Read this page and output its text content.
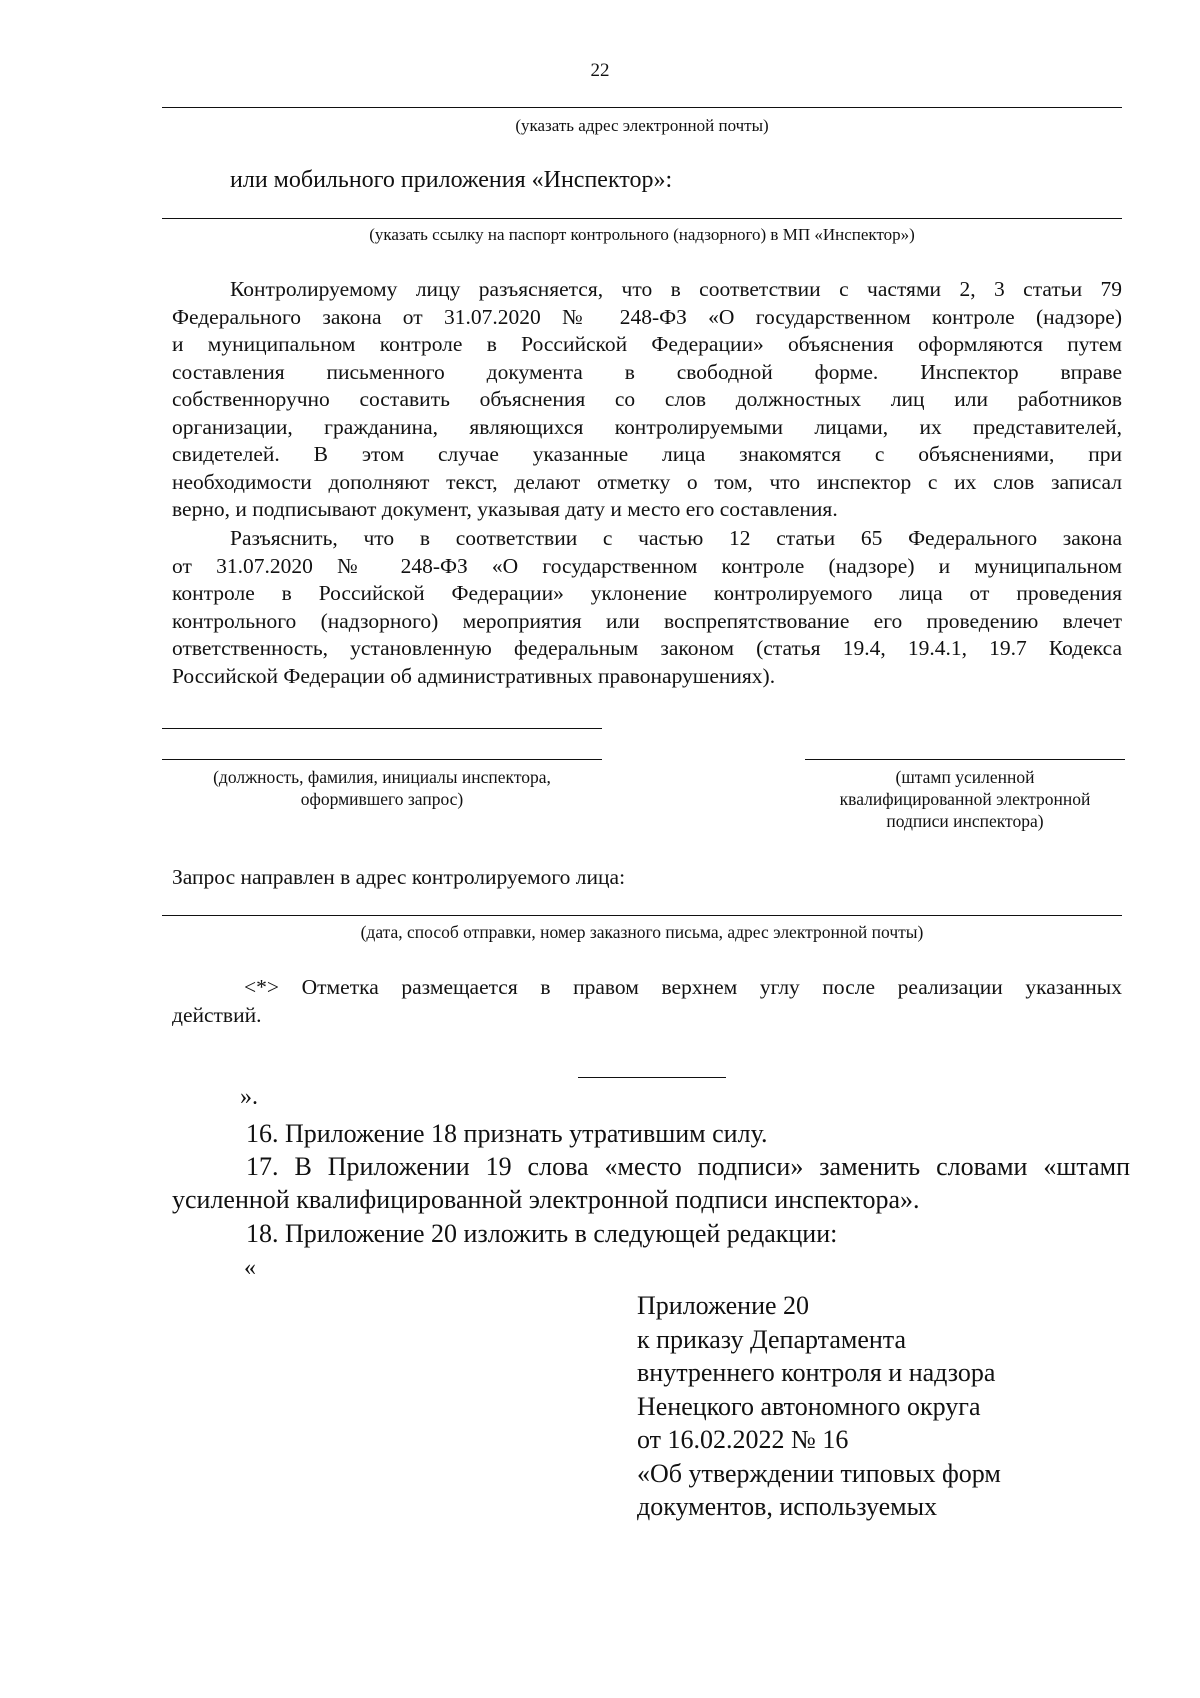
22
(указать адрес электронной почты)
или мобильного приложения «Инспектор»:
(указать ссылку на паспорт контрольного (надзорного) в МП «Инспектор»)
Контролируемому лицу разъясняется, что в соответствии с частями 2, 3 статьи 79
Федерального закона от 31.07.2020 № 248-ФЗ «О государственном контроле (надзоре)
и муниципальном контроле в Российской Федерации» объяснения оформляются путем
составления письменного документа в свободной форме. Инспектор вправе
собственноручно составить объяснения со слов должностных лиц или работников
организации, гражданина, являющихся контролируемыми лицами, их представителей,
свидетелей. В этом случае указанные лица знакомятся с объяснениями, при
необходимости дополняют текст, делают отметку о том, что инспектор с их слов записал
верно, и подписывают документ, указывая дату и место его составления.
Разъяснить, что в соответствии с частью 12 статьи 65 Федерального закона
от 31.07.2020 № 248-ФЗ «О государственном контроле (надзоре) и муниципальном
контроле в Российской Федерации» уклонение контролируемого лица от проведения
контрольного (надзорного) мероприятия или воспрепятствование его проведению влечет
ответственность, установленную федеральным законом (статья 19.4, 19.4.1, 19.7 Кодекса
Российской Федерации об административных правонарушениях).
(должность, фамилия, инициалы инспектора,
оформившего запрос)
(штамп усиленной
квалифицированной электронной
подписи инспектора)
Запрос направлен в адрес контролируемого лица:
(дата, способ отправки, номер заказного письма, адрес электронной почты)
<*> Отметка размещается в правом верхнем углу после реализации указанных
действий.
».
16. Приложение 18 признать утратившим силу.
17. В Приложении 19 слова «место подписи» заменить словами «штамп
усиленной квалифицированной электронной подписи инспектора».
18. Приложение 20 изложить в следующей редакции:
«
Приложение 20
к приказу Департамента
внутреннего контроля и надзора
Ненецкого автономного округа
от 16.02.2022 № 16
«Об утверждении типовых форм
документов, используемых
